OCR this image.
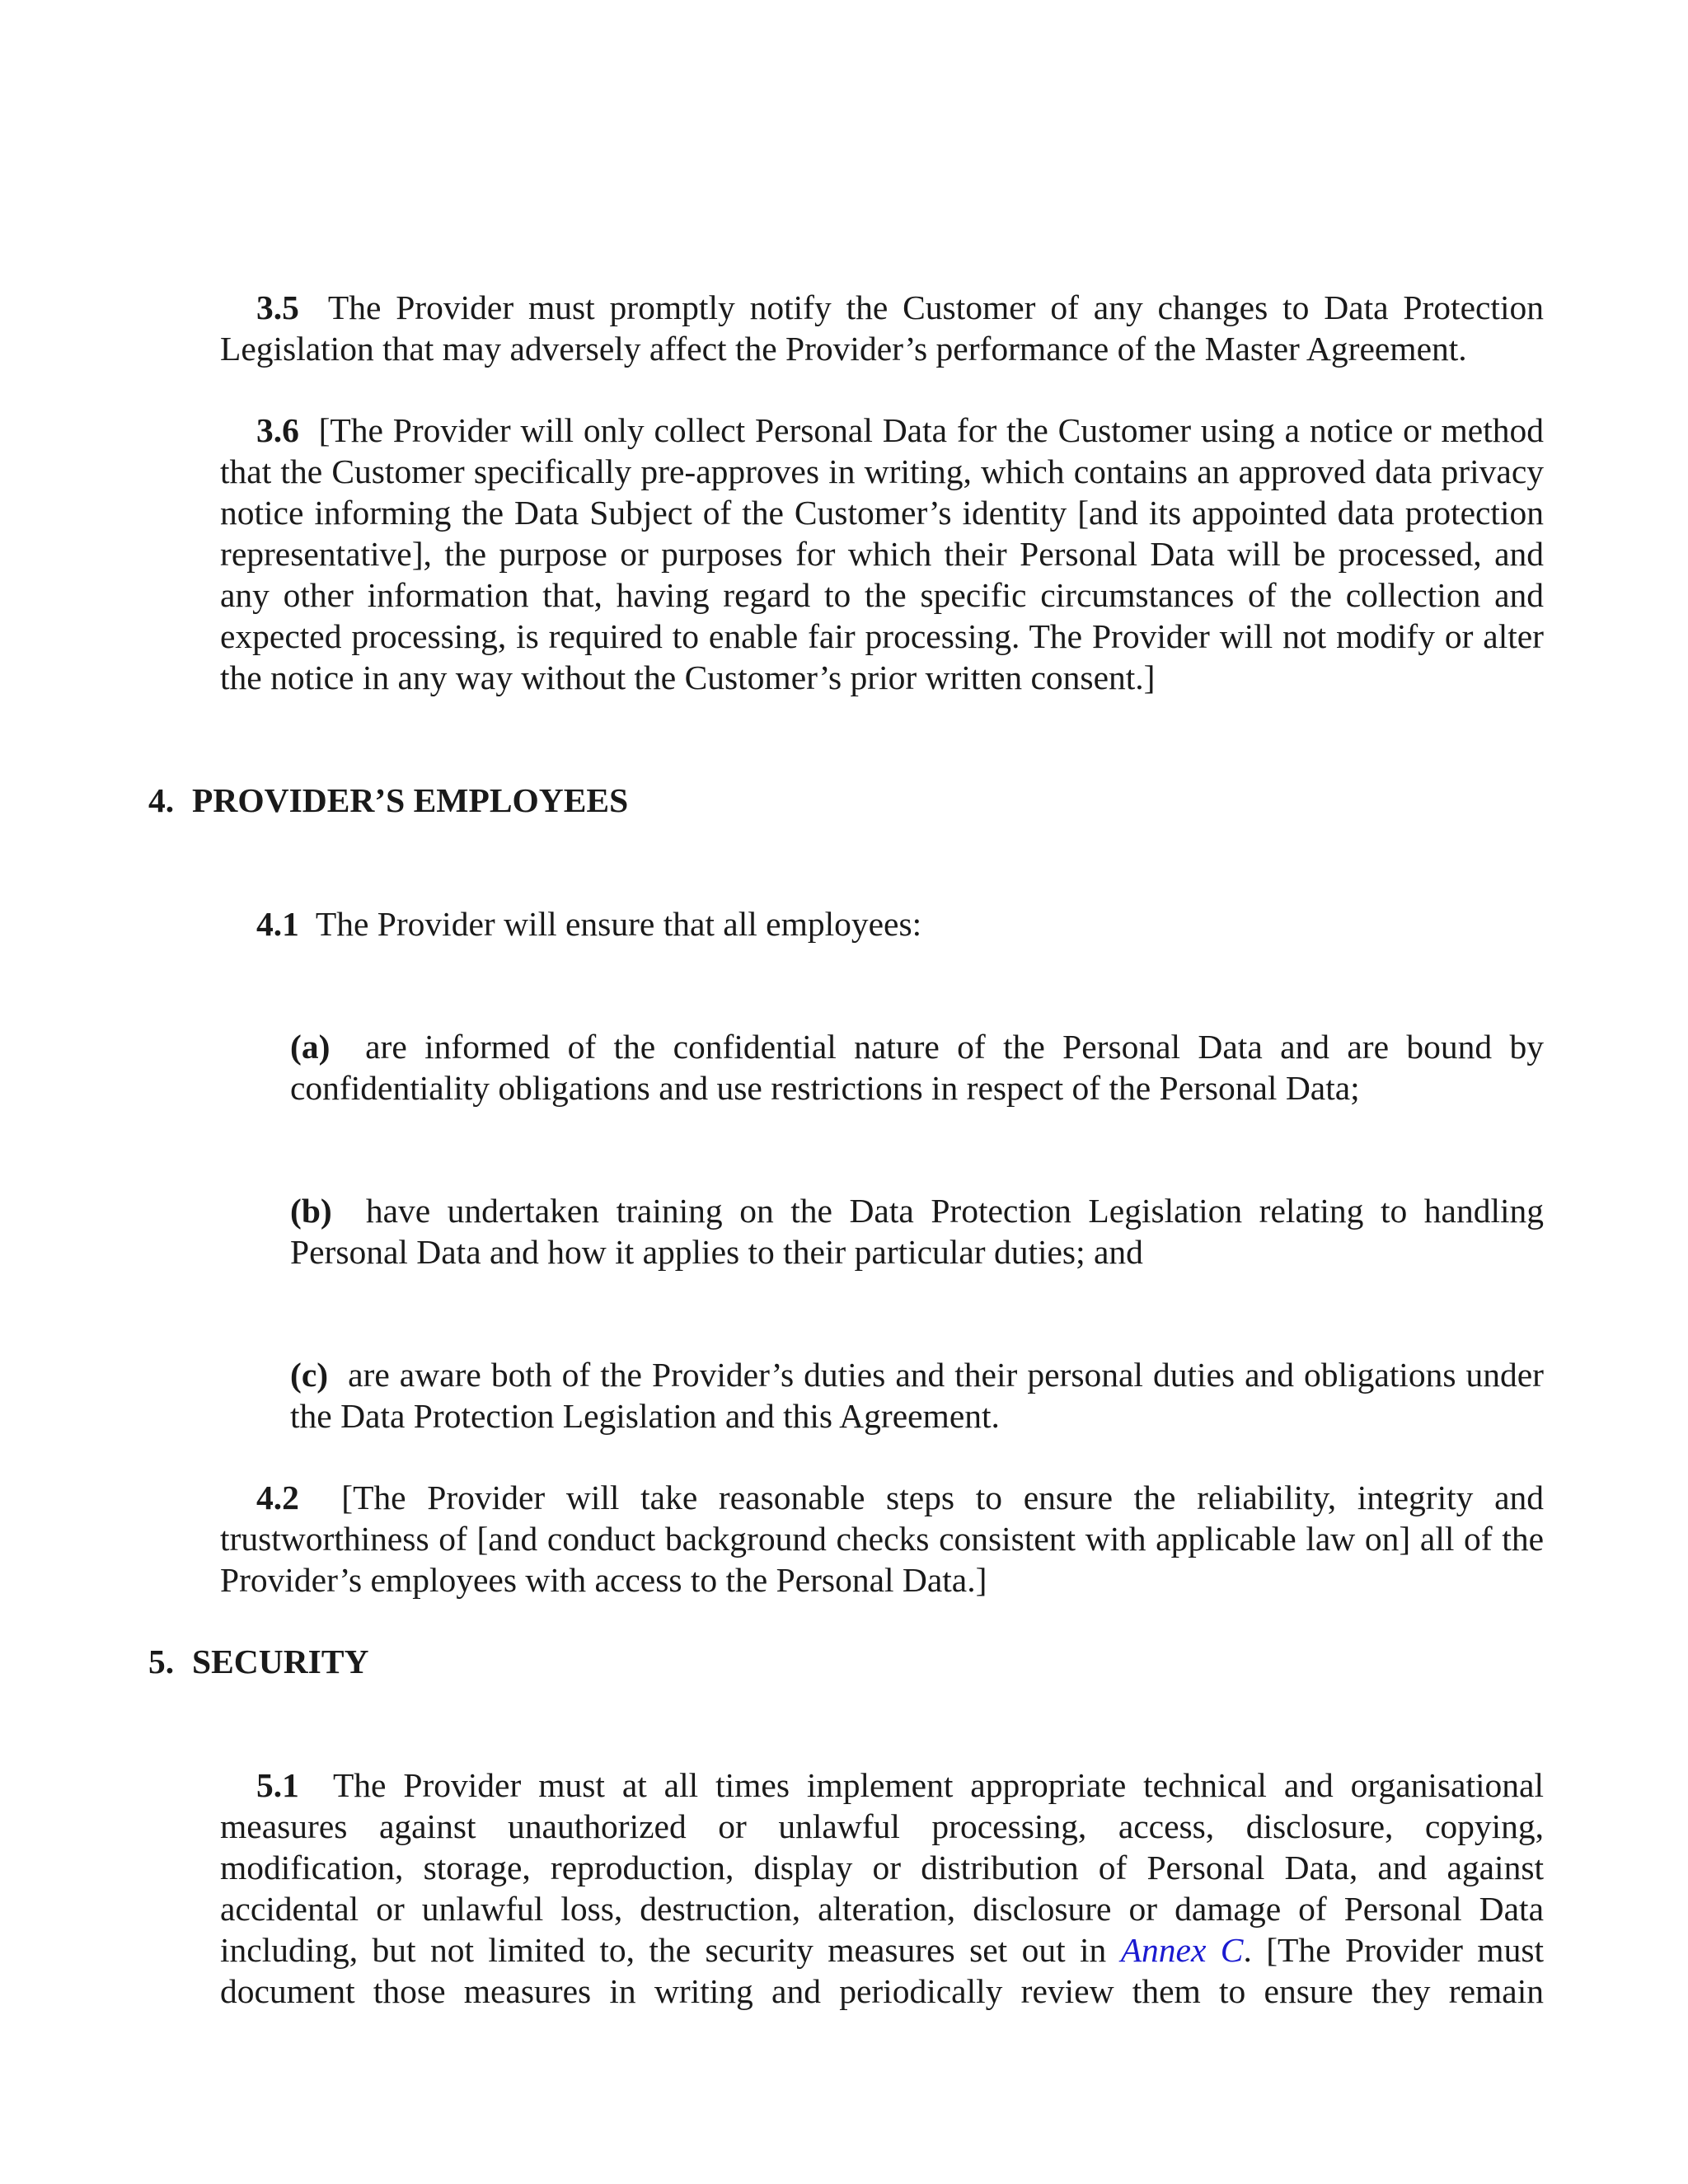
3.5 The Provider must promptly notify the Customer of any changes to Data Protection Legislation that may adversely affect the Provider’s performance of the Master Agreement.

3.6 [The Provider will only collect Personal Data for the Customer using a notice or method that the Customer specifically pre-approves in writing, which contains an approved data privacy notice informing the Data Subject of the Customer’s identity [and its appointed data protection representative], the purpose or purposes for which their Personal Data will be processed, and any other information that, having regard to the specific circumstances of the collection and expected processing, is required to enable fair processing. The Provider will not modify or alter the notice in any way without the Customer’s prior written consent.]

4. PROVIDER’S EMPLOYEES

4.1 The Provider will ensure that all employees:

(a) are informed of the confidential nature of the Personal Data and are bound by confidentiality obligations and use restrictions in respect of the Personal Data;

(b) have undertaken training on the Data Protection Legislation relating to handling Personal Data and how it applies to their particular duties; and

(c) are aware both of the Provider’s duties and their personal duties and obligations under the Data Protection Legislation and this Agreement.

4.2 [The Provider will take reasonable steps to ensure the reliability, integrity and trustworthiness of [and conduct background checks consistent with applicable law on] all of the Provider’s employees with access to the Personal Data.]

5. SECURITY

5.1 The Provider must at all times implement appropriate technical and organisational measures against unauthorized or unlawful processing, access, disclosure, copying, modification, storage, reproduction, display or distribution of Personal Data, and against accidental or unlawful loss, destruction, alteration, disclosure or damage of Personal Data including, but not limited to, the security measures set out in Annex C. [The Provider must document those measures in writing and periodically review them to ensure they remain
